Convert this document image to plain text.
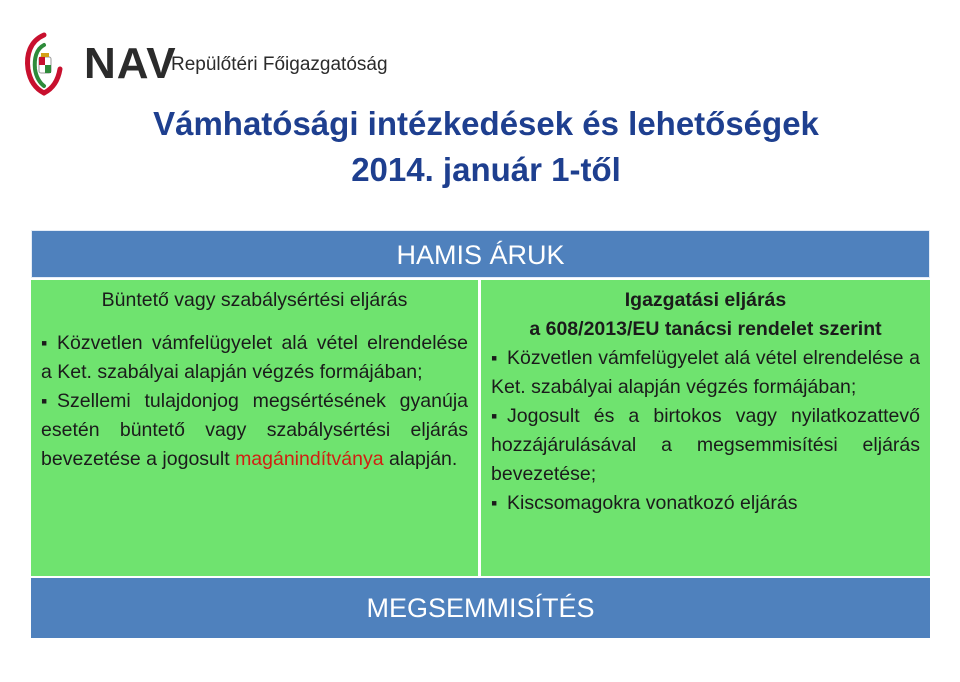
NAV
Repülőtéri Főigazgatóság
Vámhatósági intézkedések és lehetőségek
2014. január 1-től
HAMIS ÁRUK
Büntető vagy szabálysértési eljárás
▪ Közvetlen vámfelügyelet alá vétel elrendelése a Ket. szabályai alapján végzés formájában;
▪ Szellemi tulajdonjog megsértésének gyanúja esetén büntető vagy szabálysértési eljárás bevezetése a jogosult magánindítványa alapján.
Igazgatási eljárás
a 608/2013/EU tanácsi rendelet szerint
▪ Közvetlen vámfelügyelet alá vétel elrendelése a Ket. szabályai alapján végzés formájában;
▪ Jogosult és a birtokos vagy nyilatkozattevő hozzájárulásával a megsemmisítési eljárás bevezetése;
▪ Kiscsomagokra vonatkozó eljárás
MEGSEMMISÍTÉS
